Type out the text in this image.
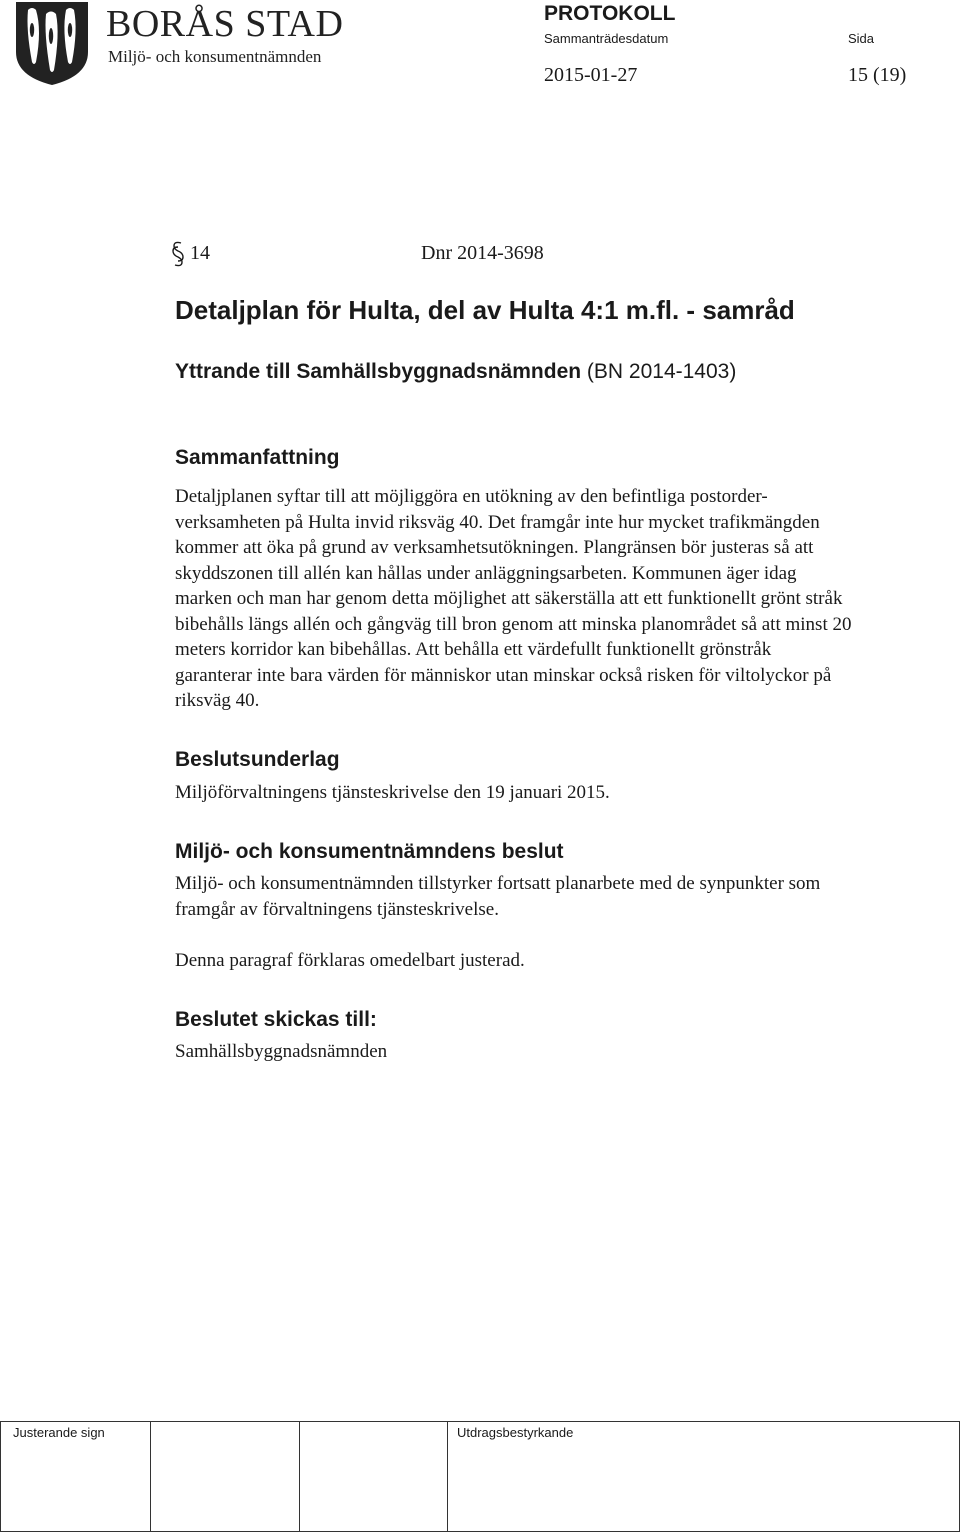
BORÅS STAD
Miljö- och konsumentnämnden
PROTOKOLL
Sammanträdesdatum	Sida
2015-01-27	15 (19)
14	Dnr 2014-3698
Detaljplan för Hulta, del av Hulta 4:1 m.fl. - samråd
Yttrande till Samhällsbyggnadsnämnden (BN 2014-1403)
Sammanfattning
Detaljplanen syftar till att möjliggöra en utökning av den befintliga postorder-
verksamheten på Hulta invid riksväg 40. Det framgår inte hur mycket trafikmängden
kommer att öka på grund av verksamhetsutökningen. Plangränsen bör justeras så att
skyddszonen till allén kan hållas under anläggningsarbeten. Kommunen äger idag
marken och man har genom detta möjlighet att säkerställa att ett funktionellt grönt stråk
bibehålls längs allén och gångväg till bron genom att minska planområdet så att minst 20
meters korridor kan bibehållas. Att behålla ett värdefullt funktionellt grönstråk
garanterar inte bara värden för människor utan minskar också risken för viltolyckor på
riksväg 40.
Beslutsunderlag
Miljöförvaltningens tjänsteskrivelse den 19 januari 2015.
Miljö- och konsumentnämndens beslut
Miljö- och konsumentnämnden tillstyrker fortsatt planarbete med de synpunkter som
framgår av förvaltningens tjänsteskrivelse.
Denna paragraf förklaras omedelbart justerad.
Beslutet skickas till:
Samhällsbyggnadsnämnden
Justerande sign	Utdragsbestyrkande
